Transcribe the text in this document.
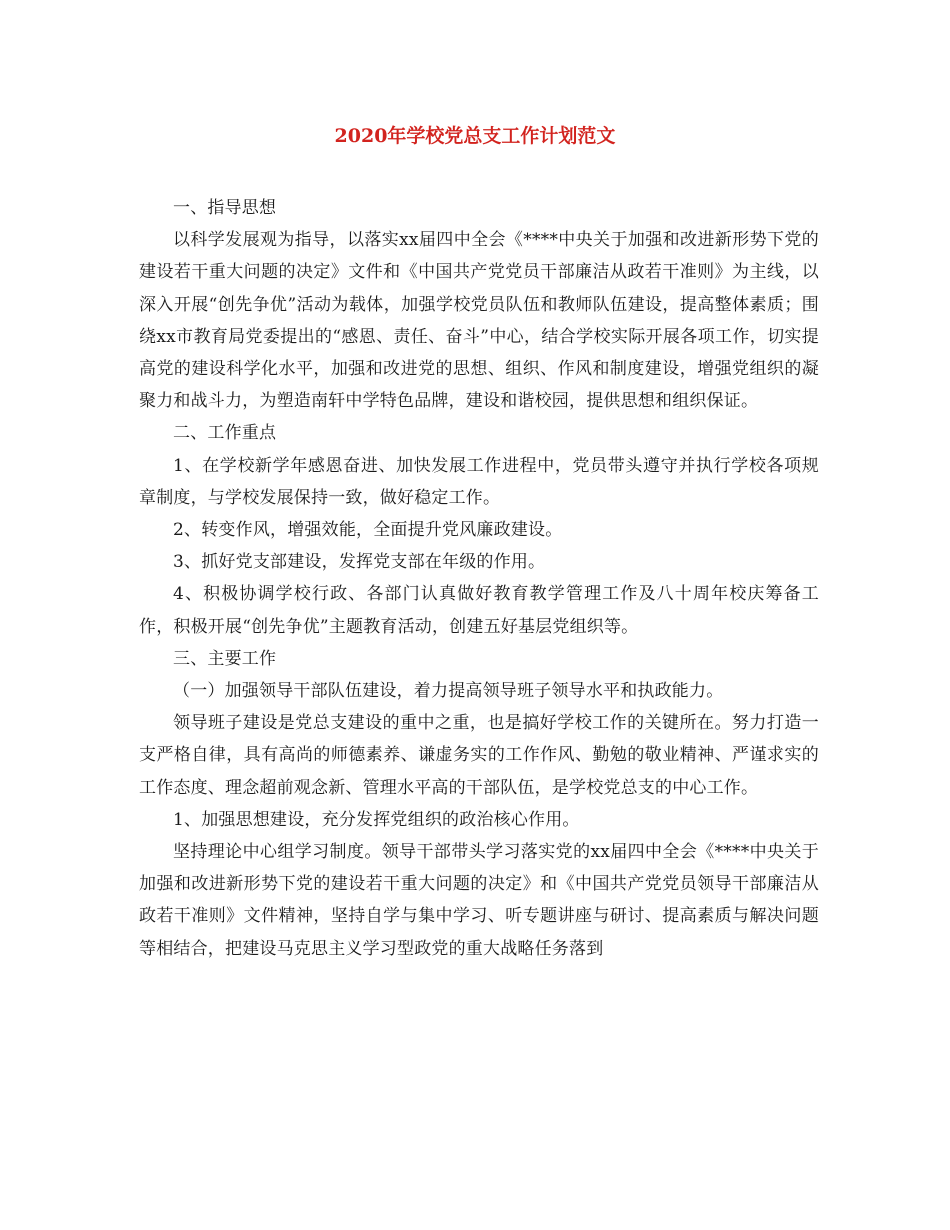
2020年学校党总支工作计划范文

一、指导思想

以科学发展观为指导，以落实xx届四中全会《****中央关于加强和改进新形势下党的建设若干重大问题的决定》文件和《中国共产党党员干部廉洁从政若干准则》为主线，以深入开展“创先争优”活动为载体，加强学校党员队伍和教师队伍建设，提高整体素质；围绕xx市教育局党委提出的“感恩、责任、奋斗”中心，结合学校实际开展各项工作，切实提高党的建设科学化水平，加强和改进党的思想、组织、作风和制度建设，增强党组织的凝聚力和战斗力，为塑造南轩中学特色品牌，建设和谐校园，提供思想和组织保证。

二、工作重点

1、在学校新学年感恩奋进、加快发展工作进程中，党员带头遵守并执行学校各项规章制度，与学校发展保持一致，做好稳定工作。

2、转变作风，增强效能，全面提升党风廉政建设。

3、抓好党支部建设，发挥党支部在年级的作用。

4、积极协调学校行政、各部门认真做好教育教学管理工作及八十周年校庆筹备工作，积极开展“创先争优”主题教育活动，创建五好基层党组织等。

三、主要工作

（一）加强领导干部队伍建设，着力提高领导班子领导水平和执政能力。

领导班子建设是党总支建设的重中之重，也是搞好学校工作的关键所在。努力打造一支严格自律，具有高尚的师德素养、谦虚务实的工作作风、勤勉的敬业精神、严谨求实的工作态度、理念超前观念新、管理水平高的干部队伍，是学校党总支的中心工作。

1、加强思想建设，充分发挥党组织的政治核心作用。

坚持理论中心组学习制度。领导干部带头学习落实党的xx届四中全会《****中央关于加强和改进新形势下党的建设若干重大问题的决定》和《中国共产党党员领导干部廉洁从政若干准则》文件精神，坚持自学与集中学习、听专题讲座与研讨、提高素质与解决问题等相结合，把建设马克思主义学习型政党的重大战略任务落到
